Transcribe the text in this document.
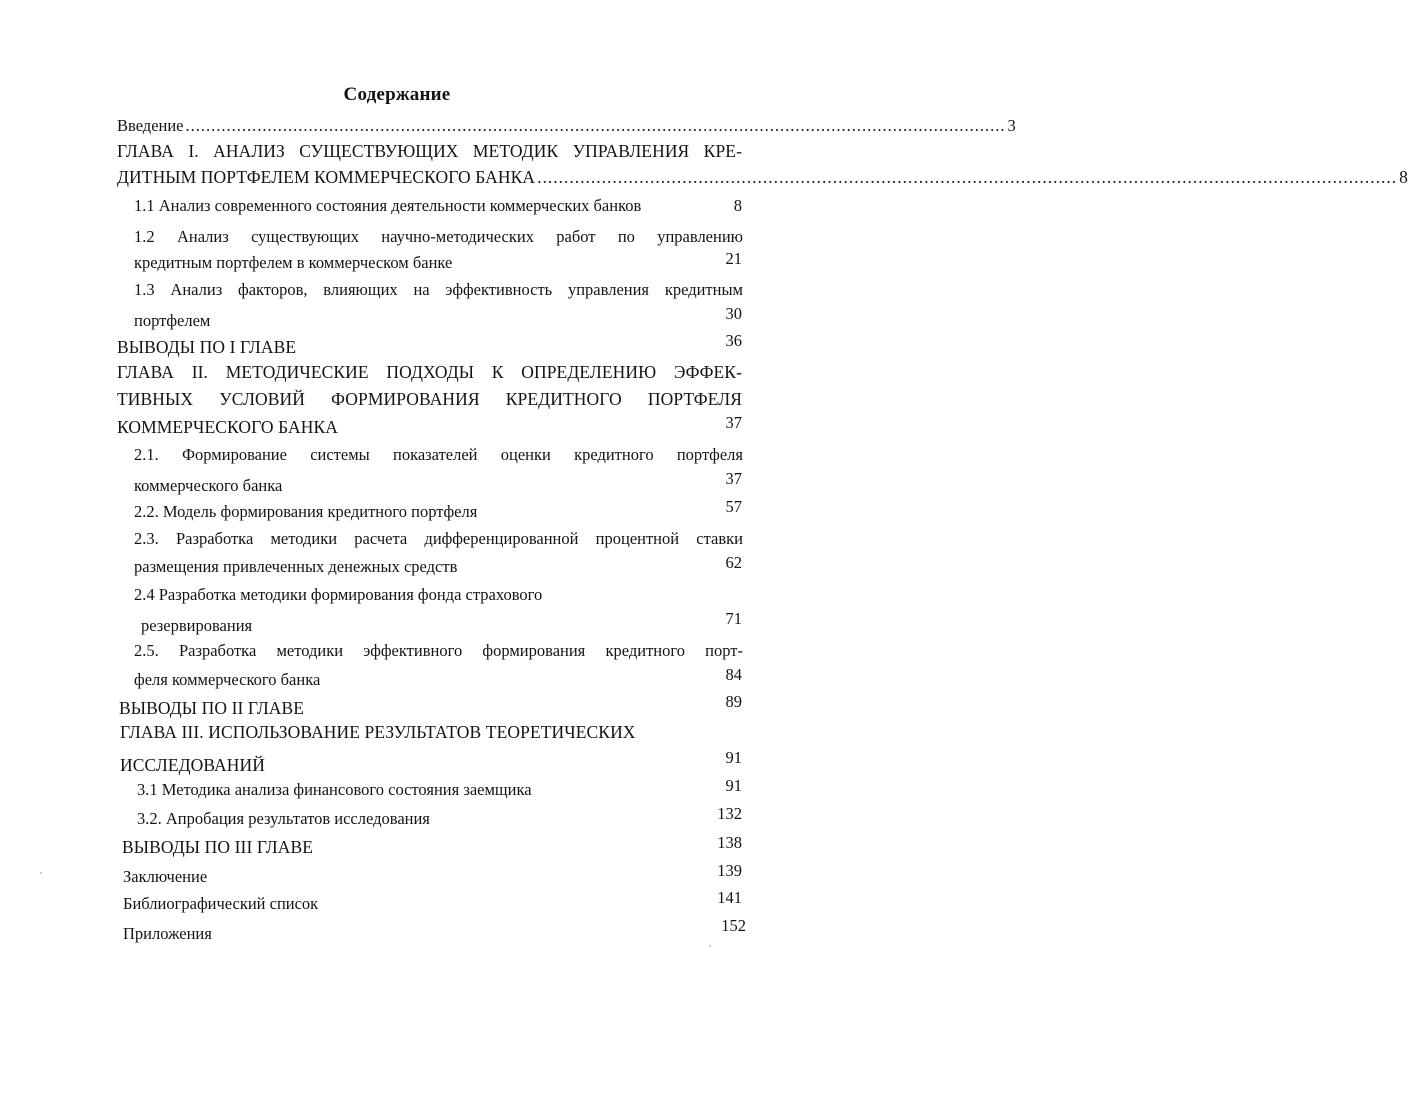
Содержание
Введение ................................................................................................................................................................ 3
ГЛАВА I. АНАЛИЗ СУЩЕСТВУЮЩИХ МЕТОДИК УПРАВЛЕНИЯ КРЕ-
ДИТНЫМ ПОРТФЕЛЕМ КОММЕРЧЕСКОГО БАНКА ................................................................................................................................................................ 8
1.1 Анализ современного состояния деятельности коммерческих банков	8
1.2 Анализ существующих научно-методических работ по управлению
кредитным портфелем в коммерческом банке	21
1.3 Анализ факторов, влияющих на эффективность управления кредитным
портфелем	30
ВЫВОДЫ ПО I ГЛАВЕ	36
ГЛАВА II. МЕТОДИЧЕСКИЕ ПОДХОДЫ К ОПРЕДЕЛЕНИЮ ЭФФЕК-
ТИВНЫХ УСЛОВИЙ ФОРМИРОВАНИЯ КРЕДИТНОГО ПОРТФЕЛЯ
КОММЕРЧЕСКОГО БАНКА	37
2.1. Формирование системы показателей оценки кредитного портфеля
коммерческого банка	37
2.2. Модель формирования кредитного портфеля	57
2.3. Разработка методики расчета дифференцированной процентной ставки
размещения привлеченных денежных средств	62
2.4 Разработка методики формирования фонда страхового
резервирования	71
2.5. Разработка методики эффективного формирования кредитного порт-
феля коммерческого банка	84
ВЫВОДЫ ПО II ГЛАВЕ	89
ГЛАВА III. ИСПОЛЬЗОВАНИЕ РЕЗУЛЬТАТОВ ТЕОРЕТИЧЕСКИХ
ИССЛЕДОВАНИЙ	91
3.1 Методика анализа финансового состояния заемщика	91
3.2. Апробация результатов исследования	132
ВЫВОДЫ ПО III ГЛАВЕ	138
Заключение	139
Библиографический список	141
Приложения	152
